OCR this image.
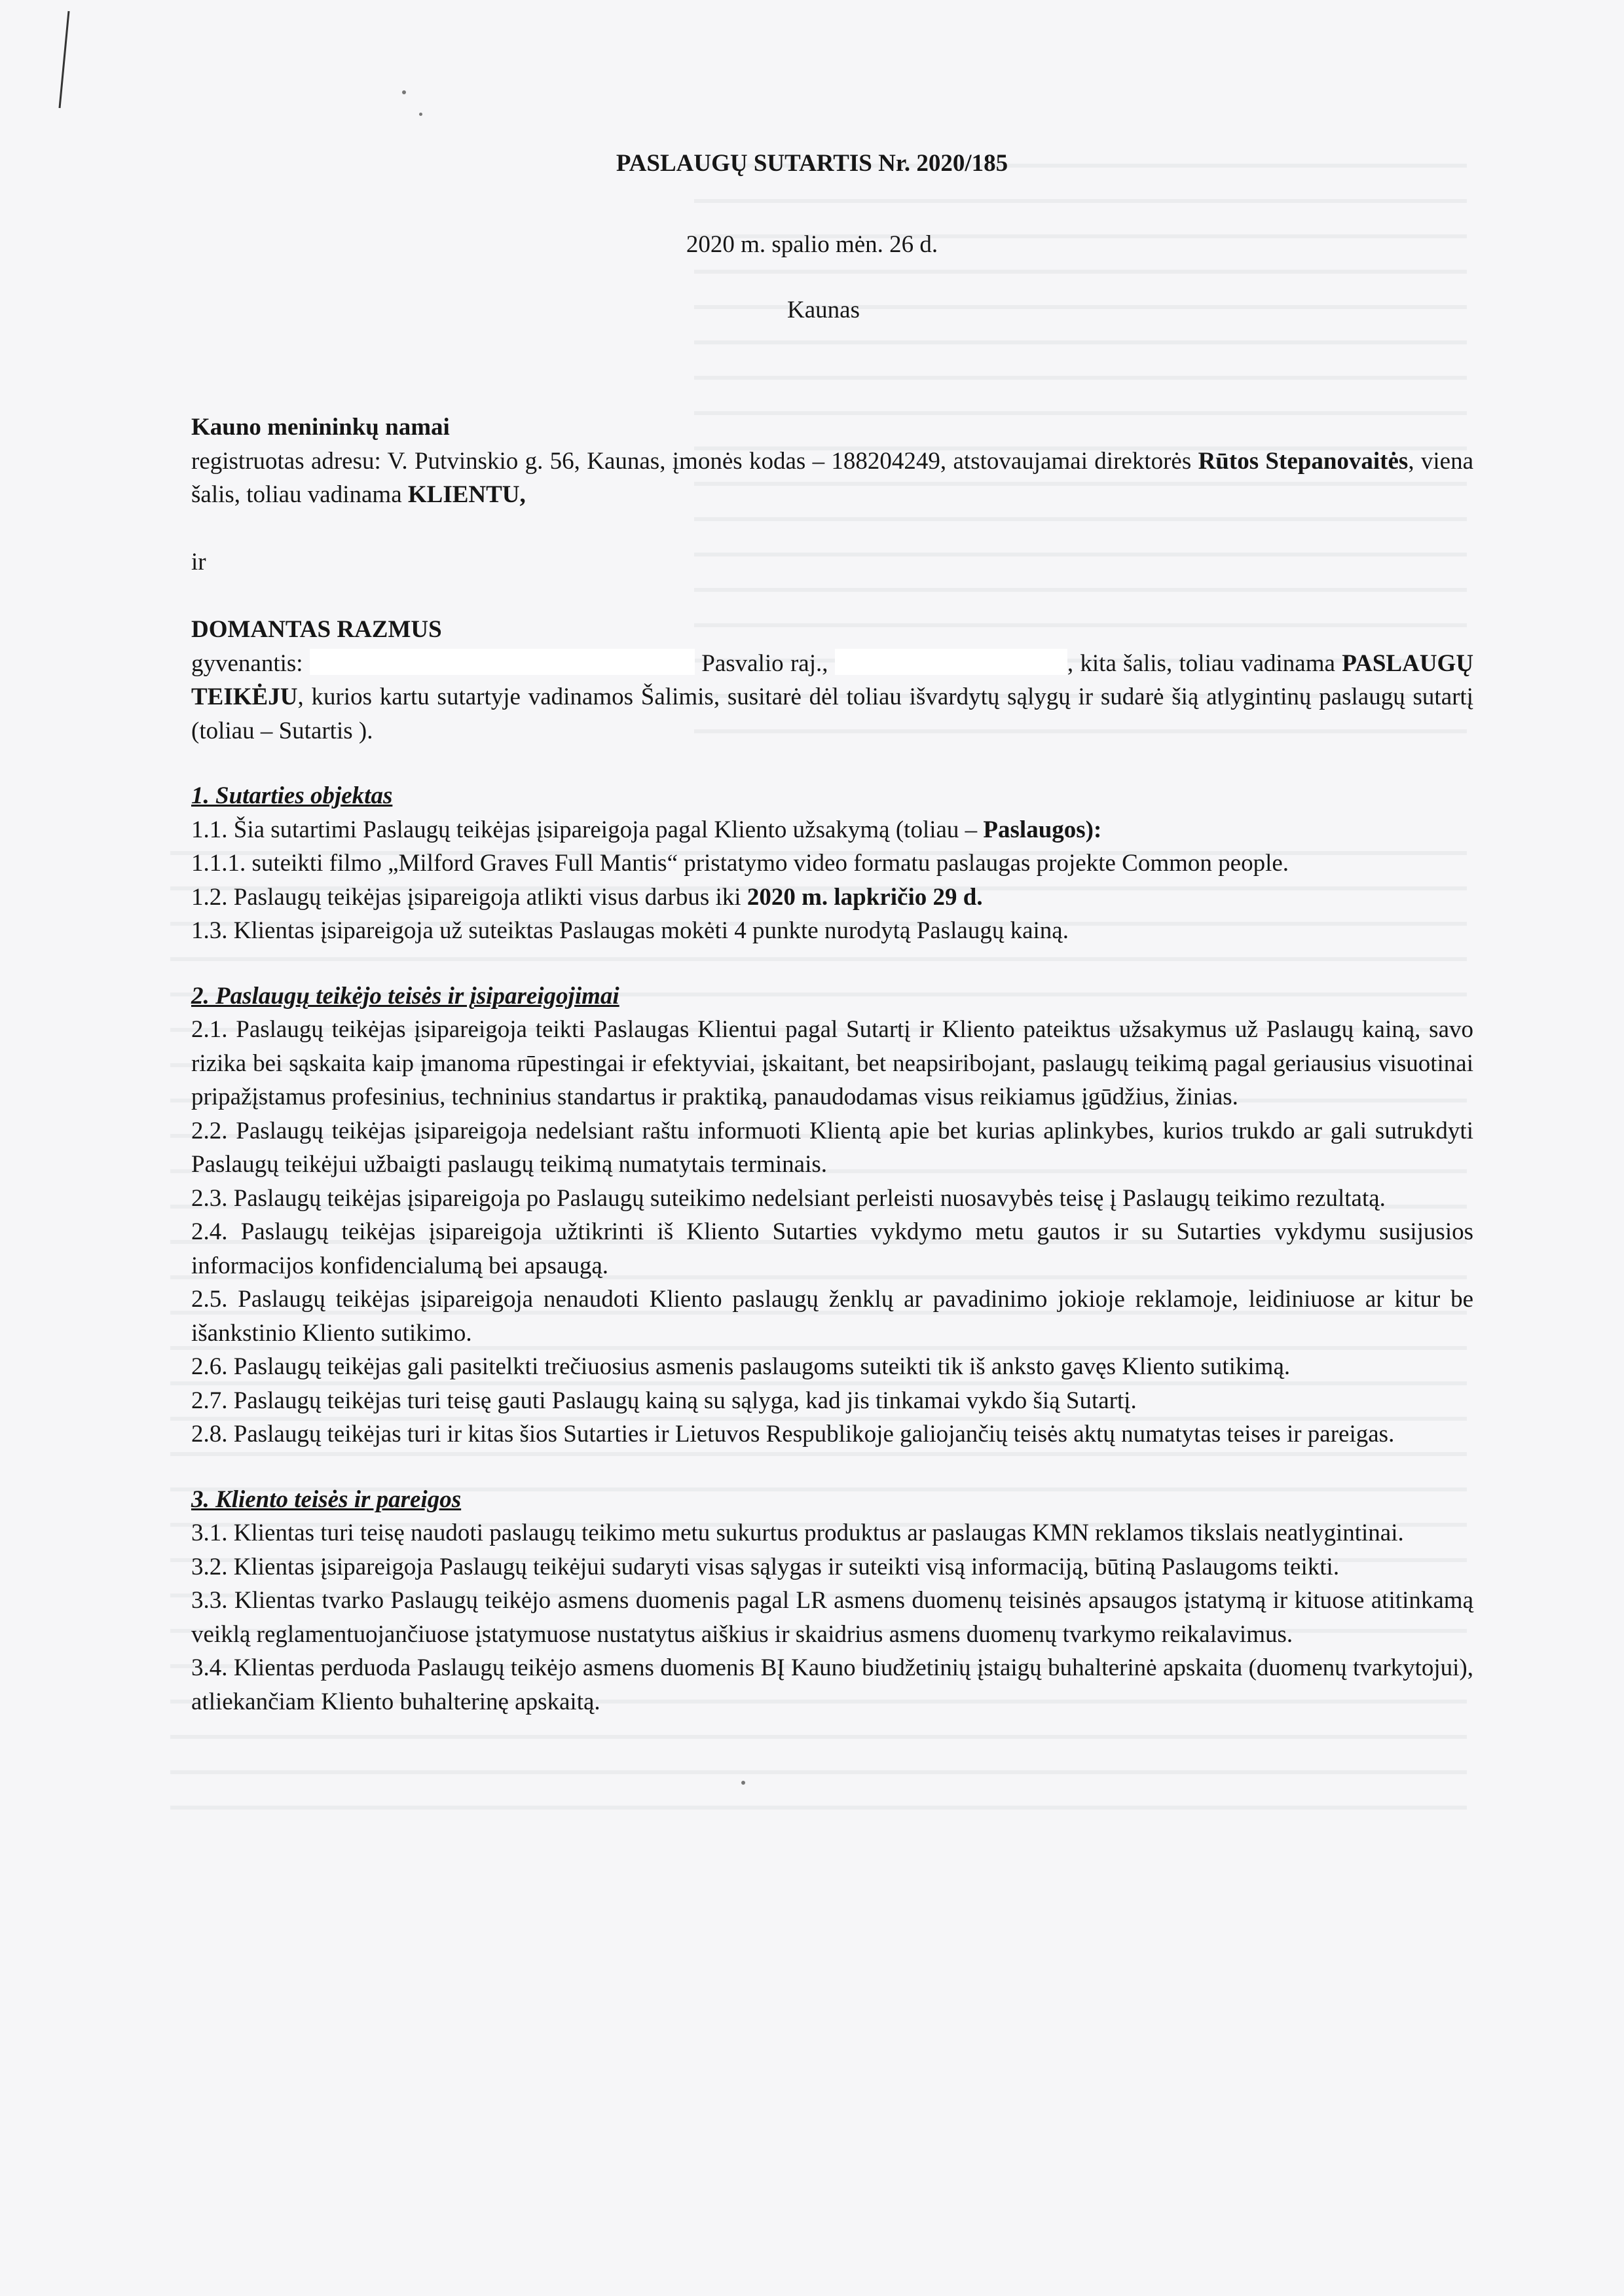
PASLAUGŲ SUTARTIS Nr. 2020/185
2020 m. spalio mėn. 26 d.
Kaunas

Kauno menininkų namai

registruotas adresu: V. Putvinskio g. 56, Kaunas, įmonės kodas – 188204249, atstovaujamai direktorės Rūtos Stepanovaitės, viena šalis, toliau vadinama KLIENTU,

ir

DOMANTAS RAZMUS

gyvenantis:	Pasvalio raj.,	, kita šalis, toliau vadinama PASLAUGŲ TEIKĖJU, kurios kartu sutartyje vadinamos Šalimis, susitarė dėl toliau išvardytų sąlygų ir sudarė šią atlygintinų paslaugų sutartį (toliau – Sutartis ).

1. Sutarties objektas

1.1. Šia sutartimi Paslaugų teikėjas įsipareigoja pagal Kliento užsakymą (toliau – Paslaugos):

1.1.1. suteikti filmo „Milford Graves Full Mantis“ pristatymo video formatu paslaugas projekte Common people.

1.2. Paslaugų teikėjas įsipareigoja atlikti visus darbus iki 2020 m. lapkričio 29 d.

1.3. Klientas įsipareigoja už suteiktas Paslaugas mokėti 4 punkte nurodytą Paslaugų kainą.

2. Paslaugų teikėjo teisės ir įsipareigojimai

2.1. Paslaugų teikėjas įsipareigoja teikti Paslaugas Klientui pagal Sutartį ir Kliento pateiktus užsakymus už Paslaugų kainą, savo rizika bei sąskaita kaip įmanoma rūpestingai ir efektyviai, įskaitant, bet neapsiribojant, paslaugų teikimą pagal geriausius visuotinai pripažįstamus profesinius, techninius standartus ir praktiką, panaudodamas visus reikiamus įgūdžius, žinias.

2.2. Paslaugų teikėjas įsipareigoja nedelsiant raštu informuoti Klientą apie bet kurias aplinkybes, kurios trukdo ar gali sutrukdyti Paslaugų teikėjui užbaigti paslaugų teikimą numatytais terminais.

2.3. Paslaugų teikėjas įsipareigoja po Paslaugų suteikimo nedelsiant perleisti nuosavybės teisę į Paslaugų teikimo rezultatą.

2.4. Paslaugų teikėjas įsipareigoja užtikrinti iš Kliento Sutarties vykdymo metu gautos ir su Sutarties vykdymu susijusios informacijos konfidencialumą bei apsaugą.

2.5. Paslaugų teikėjas įsipareigoja nenaudoti Kliento paslaugų ženklų ar pavadinimo jokioje reklamoje, leidiniuose ar kitur be išankstinio Kliento sutikimo.

2.6. Paslaugų teikėjas gali pasitelkti trečiuosius asmenis paslaugoms suteikti tik iš anksto gavęs Kliento sutikimą.

2.7. Paslaugų teikėjas turi teisę gauti Paslaugų kainą su sąlyga, kad jis tinkamai vykdo šią Sutartį.

2.8. Paslaugų teikėjas turi ir kitas šios Sutarties ir Lietuvos Respublikoje galiojančių teisės aktų numatytas teises ir pareigas.

3. Kliento teisės ir pareigos

3.1. Klientas turi teisę naudoti paslaugų teikimo metu sukurtus produktus ar paslaugas KMN reklamos tikslais neatlygintinai.

3.2. Klientas įsipareigoja Paslaugų teikėjui sudaryti visas sąlygas ir suteikti visą informaciją, būtiną Paslaugoms teikti.

3.3. Klientas tvarko Paslaugų teikėjo asmens duomenis pagal LR asmens duomenų teisinės apsaugos įstatymą ir kituose atitinkamą veiklą reglamentuojančiuose įstatymuose nustatytus aiškius ir skaidrius asmens duomenų tvarkymo reikalavimus.

3.4. Klientas perduoda Paslaugų teikėjo asmens duomenis BĮ Kauno biudžetinių įstaigų buhalterinė apskaita (duomenų tvarkytojui), atliekančiam Kliento buhalterinę apskaitą.
